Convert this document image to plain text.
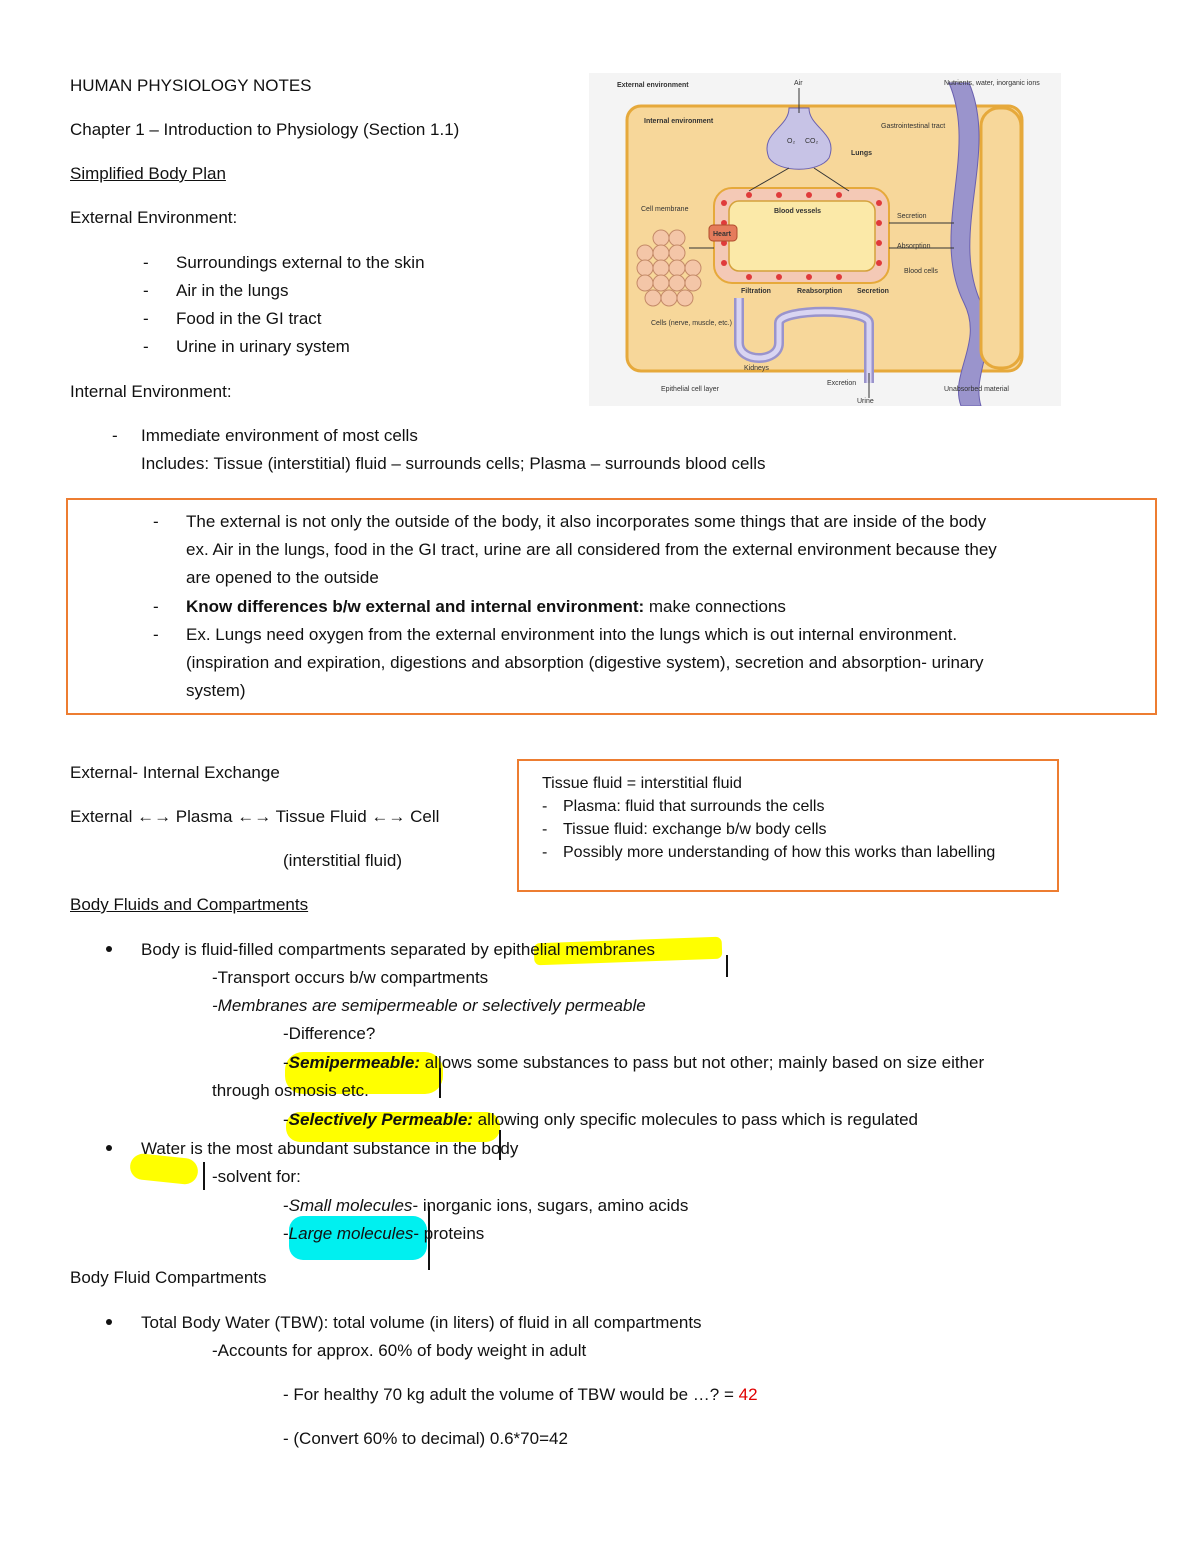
HUMAN PHYSIOLOGY NOTES
Chapter 1 – Introduction to Physiology (Section 1.1)
Simplified Body Plan
External Environment:
- Surroundings external to the skin
- Air in the lungs
- Food in the GI tract
- Urine in urinary system
Internal Environment:
- Immediate environment of most cells
Includes: Tissue (interstitial) fluid – surrounds cells; Plasma – surrounds blood cells
External environment
Internal environment
Air	Nutrients, water, inorganic ions
Lungs
Gastrointestinal tract
Cell membrane	Blood vessels
Heart
Secretion
Absorption
Blood cells
Filtration	Reabsorption Secretion
Cells (nerve, muscle, etc.)
Kidneys
Excretion
Epithelial cell layer
Urine
Unabsorbed material
O₂ CO₂
- The external is not only the outside of the body, it also incorporates some things that are inside of the body
ex. Air in the lungs, food in the GI tract, urine are all considered from the external environment because they
are opened to the outside
- Know differences b/w external and internal environment: make connections
- Ex. Lungs need oxygen from the external environment into the lungs which is out internal environment.
(inspiration and expiration, digestions and absorption (digestive system), secretion and absorption- urinary
system)
External- Internal Exchange
External ←→ Plasma ←→ Tissue Fluid ←→ Cell
(interstitial fluid)
Tissue fluid = interstitial fluid
- Plasma: fluid that surrounds the cells
- Tissue fluid: exchange b/w body cells
- Possibly more understanding of how this works than labelling
Body Fluids and Compartments
Body is fluid-filled compartments separated by epithelial membranes
-Transport occurs b/w compartments
-Membranes are semipermeable or selectively permeable
-Difference?
-Semipermeable: allows some substances to pass but not other; mainly based on size either
through osmosis etc.
-Selectively Permeable: allowing only specific molecules to pass which is regulated
Water is the most abundant substance in the body
-solvent for:
-Small molecules- inorganic ions, sugars, amino acids
-Large molecules- proteins
Body Fluid Compartments
Total Body Water (TBW): total volume (in liters) of fluid in all compartments
-Accounts for approx. 60% of body weight in adult
- For healthy 70 kg adult the volume of TBW would be …? = 42
- (Convert 60% to decimal) 0.6*70=42
